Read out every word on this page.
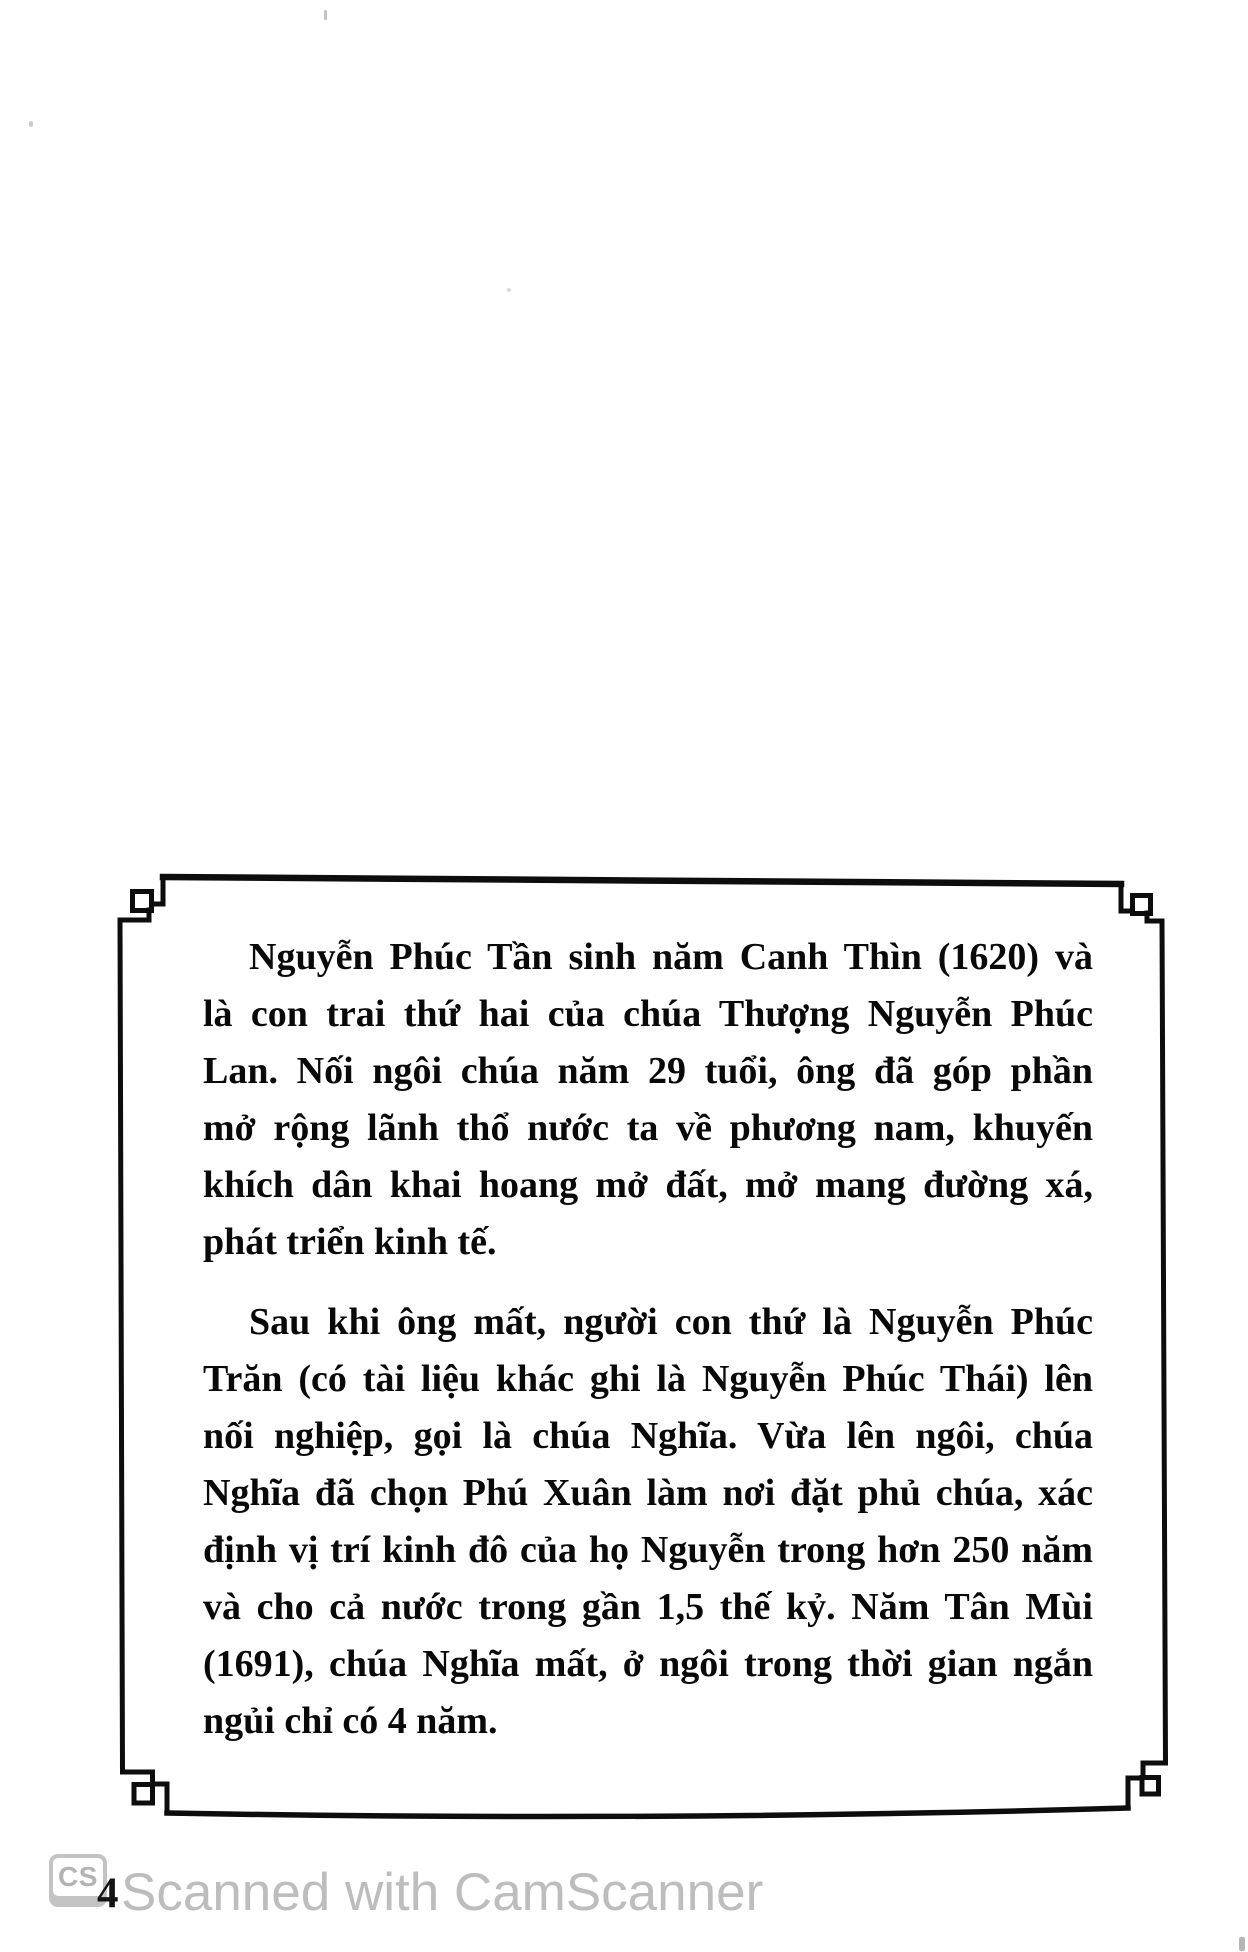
Nguyễn Phúc Tần sinh năm Canh Thìn (1620) và
là con trai thứ hai của chúa Thượng Nguyễn Phúc
Lan. Nối ngôi chúa năm 29 tuổi, ông đã góp phần
mở rộng lãnh thổ nước ta về phương nam, khuyến
khích dân khai hoang mở đất, mở mang đường xá,
phát triển kinh tế.
Sau khi ông mất, người con thứ là Nguyễn Phúc
Trăn (có tài liệu khác ghi là Nguyễn Phúc Thái) lên
nối nghiệp, gọi là chúa Nghĩa. Vừa lên ngôi, chúa
Nghĩa đã chọn Phú Xuân làm nơi đặt phủ chúa, xác
định vị trí kinh đô của họ Nguyễn trong hơn 250 năm
và cho cả nước trong gần 1,5 thế kỷ. Năm Tân Mùi
(1691), chúa Nghĩa mất, ở ngôi trong thời gian ngắn
ngủi chỉ có 4 năm.
CS 4 Scanned with CamScanner
